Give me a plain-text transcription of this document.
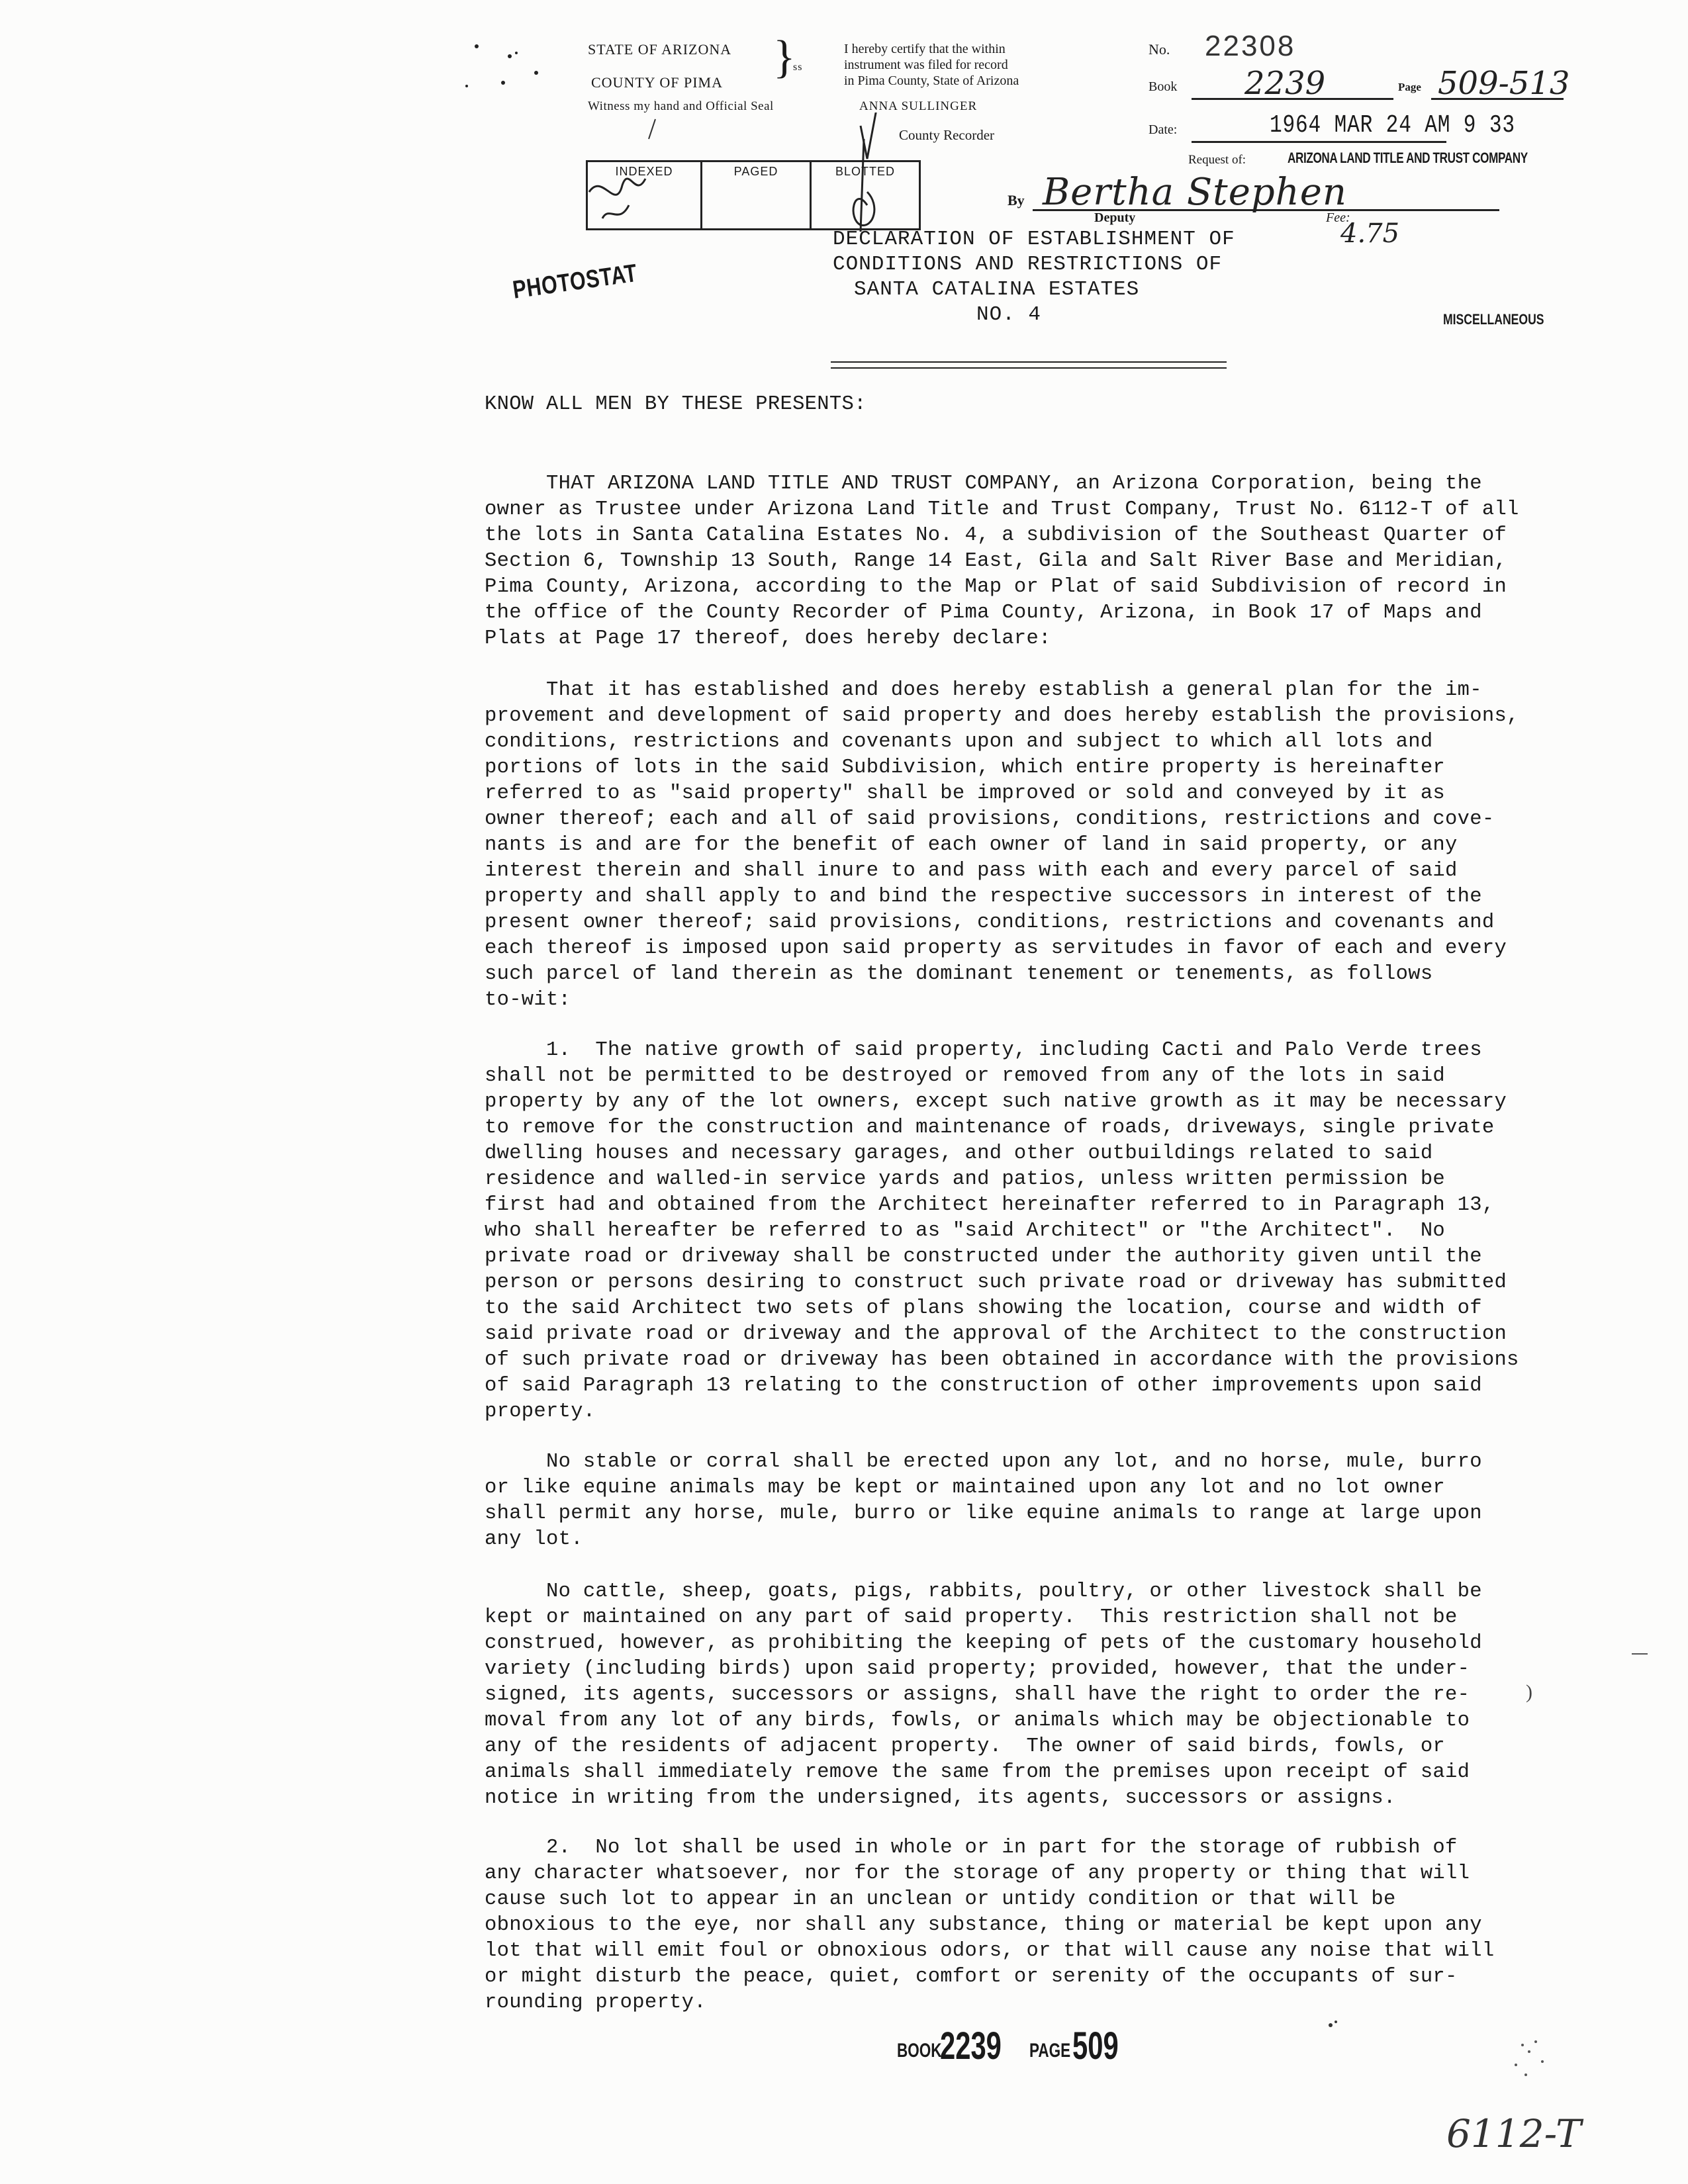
STATE OF ARIZONA }
ss
COUNTY OF PIMA
Witness my hand and Official Seal	ANNA SULLINGER
County Recorder
I hereby certify that the within
instrument was filed for record
in Pima County, State of Arizona
No. 22308
Book 2239	Page 509-513
Date:	1964 MAR 24 AM 9 33
Request of:	ARIZONA LAND TITLE AND TRUST COMPANY
INDEXED	PAGED	BLOTTED
By Bertha Stephen
Deputy	Fee:
4.75
PHOTOSTAT
MISCELLANEOUS
DECLARATION OF ESTABLISHMENT OF
CONDITIONS AND RESTRICTIONS OF
SANTA CATALINA ESTATES
NO. 4
KNOW ALL MEN BY THESE PRESENTS:
THAT ARIZONA LAND TITLE AND TRUST COMPANY, an Arizona Corporation, being the
owner as Trustee under Arizona Land Title and Trust Company, Trust No. 6112-T of all
the lots in Santa Catalina Estates No. 4, a subdivision of the Southeast Quarter of
Section 6, Township 13 South, Range 14 East, Gila and Salt River Base and Meridian,
Pima County, Arizona, according to the Map or Plat of said Subdivision of record in
the office of the County Recorder of Pima County, Arizona, in Book 17 of Maps and
Plats at Page 17 thereof, does hereby declare:
That it has established and does hereby establish a general plan for the im-
provement and development of said property and does hereby establish the provisions,
conditions, restrictions and covenants upon and subject to which all lots and
portions of lots in the said Subdivision, which entire property is hereinafter
referred to as "said property" shall be improved or sold and conveyed by it as
owner thereof; each and all of said provisions, conditions, restrictions and cove-
nants is and are for the benefit of each owner of land in said property, or any
interest therein and shall inure to and pass with each and every parcel of said
property and shall apply to and bind the respective successors in interest of the
present owner thereof; said provisions, conditions, restrictions and covenants and
each thereof is imposed upon said property as servitudes in favor of each and every
such parcel of land therein as the dominant tenement or tenements, as follows
to-wit:
1.  The native growth of said property, including Cacti and Palo Verde trees
shall not be permitted to be destroyed or removed from any of the lots in said
property by any of the lot owners, except such native growth as it may be necessary
to remove for the construction and maintenance of roads, driveways, single private
dwelling houses and necessary garages, and other outbuildings related to said
residence and walled-in service yards and patios, unless written permission be
first had and obtained from the Architect hereinafter referred to in Paragraph 13,
who shall hereafter be referred to as "said Architect" or "the Architect".  No
private road or driveway shall be constructed under the authority given until the
person or persons desiring to construct such private road or driveway has submitted
to the said Architect two sets of plans showing the location, course and width of
said private road or driveway and the approval of the Architect to the construction
of such private road or driveway has been obtained in accordance with the provisions
of said Paragraph 13 relating to the construction of other improvements upon said
property.
No stable or corral shall be erected upon any lot, and no horse, mule, burro
or like equine animals may be kept or maintained upon any lot and no lot owner
shall permit any horse, mule, burro or like equine animals to range at large upon
any lot.
No cattle, sheep, goats, pigs, rabbits, poultry, or other livestock shall be
kept or maintained on any part of said property.  This restriction shall not be
construed, however, as prohibiting the keeping of pets of the customary household
variety (including birds) upon said property; provided, however, that the under-
signed, its agents, successors or assigns, shall have the right to order the re-
moval from any lot of any birds, fowls, or animals which may be objectionable to
any of the residents of adjacent property.  The owner of said birds, fowls, or
animals shall immediately remove the same from the premises upon receipt of said
notice in writing from the undersigned, its agents, successors or assigns.
2.  No lot shall be used in whole or in part for the storage of rubbish of
any character whatsoever, nor for the storage of any property or thing that will
cause such lot to appear in an unclean or untidy condition or that will be
obnoxious to the eye, nor shall any substance, thing or material be kept upon any
lot that will emit foul or obnoxious odors, or that will cause any noise that will
or might disturb the peace, quiet, comfort or serenity of the occupants of sur-
rounding property.
)
BOOK
2239 PAGE 509
6112-T
